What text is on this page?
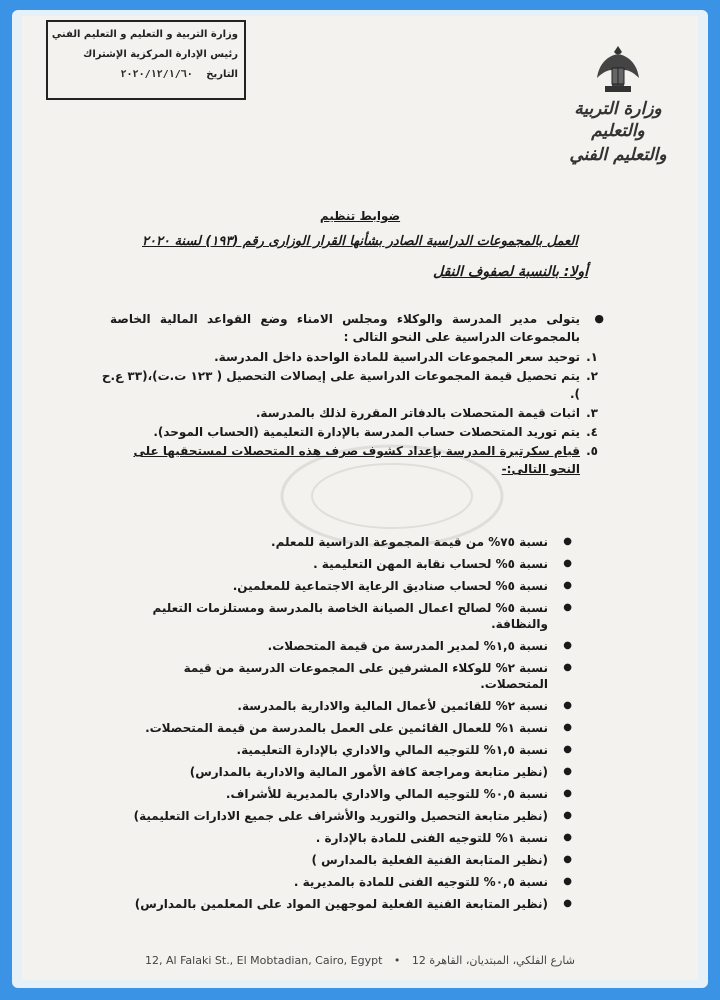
وزارة التربية و التعليم و التعليم الفني
رئيس الإدارة المركزية الإشتراك
التاريخ ٢٠٢٠/١٢/١/٦٠
وزارة التربية والتعليم
والتعليم الفني
ضوابط تنظيم
العمل بالمجموعات الدراسية الصادر بشأنها القرار الوزارى رقم (١٩٣) لسنة ٢٠٢٠
أولا: بالنسبة لصفوف النقل
● يتولى مدير المدرسة والوكلاء ومجلس الامناء وضع القواعد المالية الخاصة بالمجموعات الدراسية على النحو التالى :
١.
توحيد سعر المجموعات الدراسية للمادة الواحدة داخل المدرسة.
٢.
يتم تحصيل قيمة المجموعات الدراسية على إيصالات التحصيل ( ١٢٣ ت.ت)،(٣٣ ع.ح ).
٣.
اثبات قيمة المتحصلات بالدفاتر المقررة لذلك بالمدرسة.
٤.
يتم توريد المتحصلات حساب المدرسة بالإدارة التعليمية (الحساب الموحد).
٥.
قيام سكرتيرة المدرسة بإعداد كشوف صرف هذه المتحصلات لمستحقيها على النحو التالى:-
● نسبة ٧٥% من قيمة المجموعة الدراسية للمعلم.
● نسبة ٥% لحساب نقابة المهن التعليمية .
● نسبة ٥% لحساب صناديق الرعاية الاجتماعية للمعلمين.
● نسبة ٥% لصالح اعمال الصيانة الخاصة بالمدرسة ومستلزمات التعليم والنظافة.
● نسبة ١,٥% لمدير المدرسة من قيمة المتحصلات.
● نسبة ٢% للوكلاء المشرفين على المجموعات الدرسية من قيمة المتحصلات.
● نسبة ٢% للقائمين لأعمال المالية والادارية بالمدرسة.
● نسبة ١% للعمال القائمين على العمل بالمدرسة من قيمة المتحصلات.
● نسبة ١,٥% للتوجيه المالي والاداري بالإدارة التعليمية.
● (نظير متابعة ومراجعة كافة الأمور المالية والادارية بالمدارس)
● نسبة ٠,٥% للتوجيه المالي والاداري بالمديرية للأشراف.
● (نظير متابعة التحصيل والتوريد والأشراف على جميع الادارات التعليمية)
● نسبة ١% للتوجيه الفنى للمادة بالإدارة .
● (نظير المتابعة الفنية الفعلية بالمدارس )
● نسبة ٠,٥% للتوجيه الفنى للمادة بالمديرية .
● (نظير المتابعة الفنية الفعلية لموجهين المواد على المعلمين بالمدارس)
12, Al Falaki St., El Mobtadian, Cairo, Egypt • 12 شارع الفلكي، المبتديان، القاهرة
